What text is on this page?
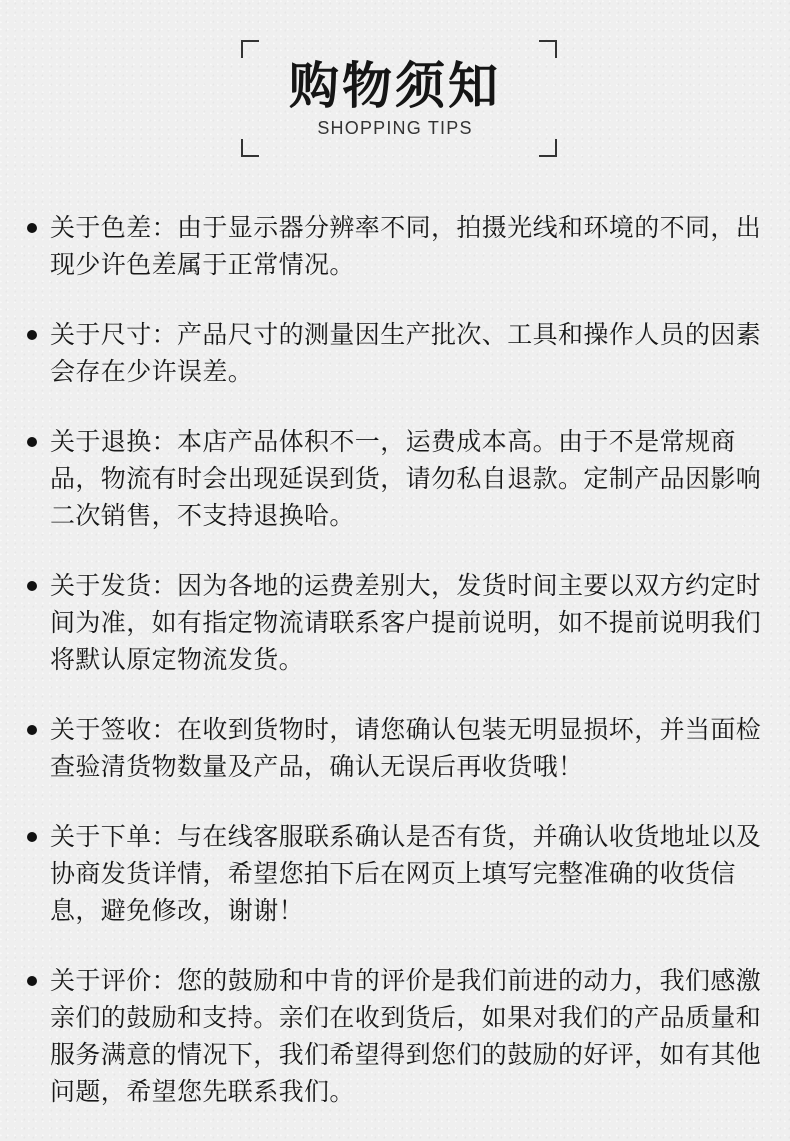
购物须知
SHOPPING TIPS
关于色差：由于显示器分辨率不同，拍摄光线和环境的不同，出现少许色差属于正常情况。
关于尺寸：产品尺寸的测量因生产批次、工具和操作人员的因素会存在少许误差。
关于退换：本店产品体积不一，运费成本高。由于不是常规商品，物流有时会出现延误到货，请勿私自退款。定制产品因影响二次销售，不支持退换哈。
关于发货：因为各地的运费差别大，发货时间主要以双方约定时间为准，如有指定物流请联系客户提前说明，如不提前说明我们将默认原定物流发货。
关于签收：在收到货物时，请您确认包装无明显损坏，并当面检查验清货物数量及产品，确认无误后再收货哦！
关于下单：与在线客服联系确认是否有货，并确认收货地址以及协商发货详情，希望您拍下后在网页上填写完整准确的收货信息，避免修改，谢谢！
关于评价：您的鼓励和中肯的评价是我们前进的动力，我们感激亲们的鼓励和支持。亲们在收到货后，如果对我们的产品质量和服务满意的情况下，我们希望得到您们的鼓励的好评，如有其他问题，希望您先联系我们。
